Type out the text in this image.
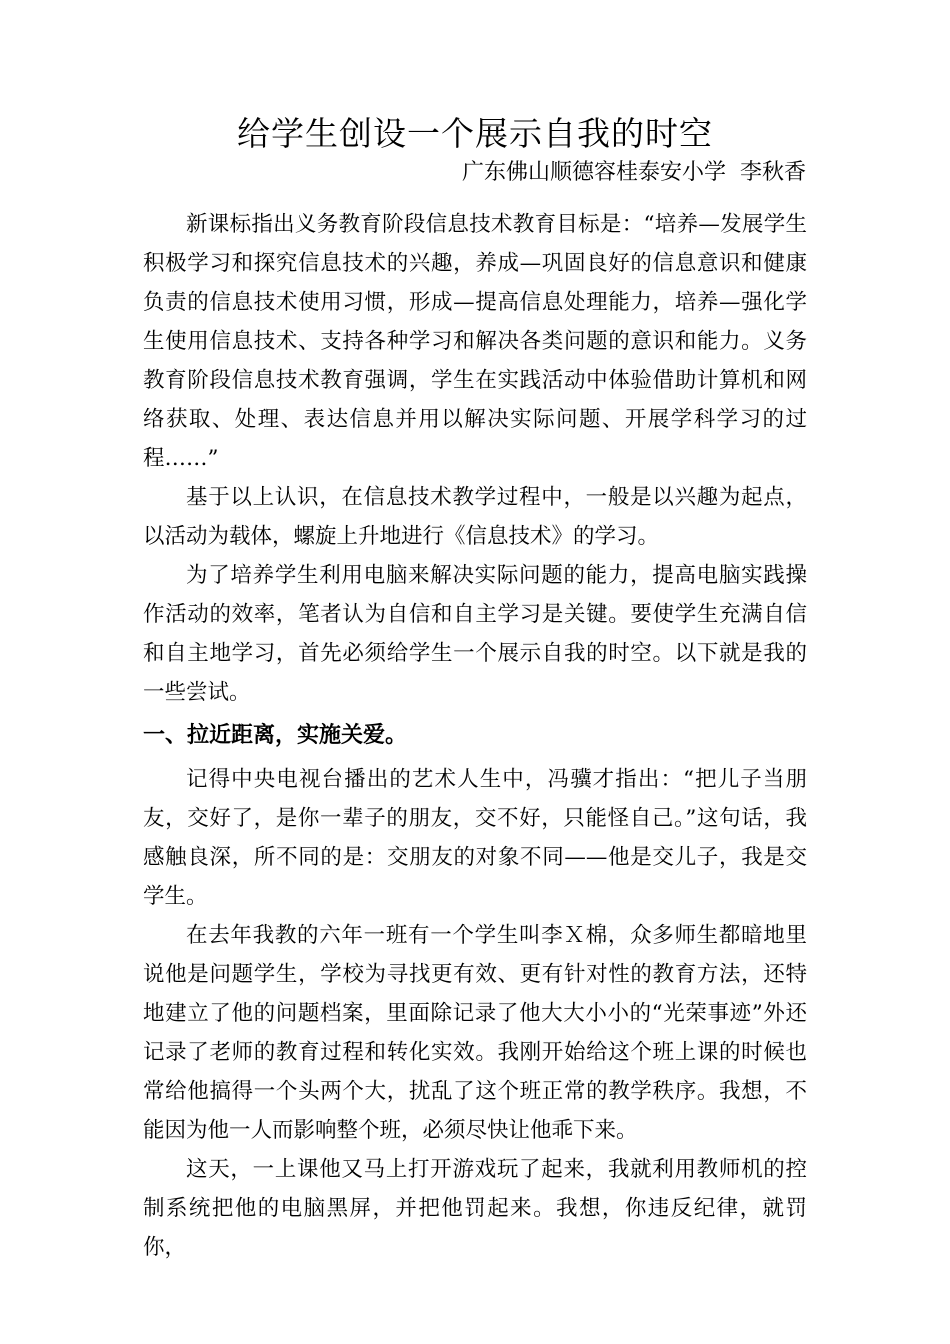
给学生创设一个展示自我的时空
广东佛山顺德容桂泰安小学  李秋香

新课标指出义务教育阶段信息技术教育目标是：“培养—发展学生积极学习和探究信息技术的兴趣，养成—巩固良好的信息意识和健康负责的信息技术使用习惯，形成—提高信息处理能力，培养—强化学生使用信息技术、支持各种学习和解决各类问题的意识和能力。义务教育阶段信息技术教育强调，学生在实践活动中体验借助计算机和网络获取、处理、表达信息并用以解决实际问题、开展学科学习的过程……”

基于以上认识，在信息技术教学过程中，一般是以兴趣为起点，以活动为载体，螺旋上升地进行《信息技术》的学习。

为了培养学生利用电脑来解决实际问题的能力，提高电脑实践操作活动的效率，笔者认为自信和自主学习是关键。要使学生充满自信和自主地学习，首先必须给学生一个展示自我的时空。以下就是我的一些尝试。

一、拉近距离，实施关爱。

记得中央电视台播出的艺术人生中，冯骥才指出：“把儿子当朋友，交好了，是你一辈子的朋友，交不好，只能怪自己。”这句话，我感触良深，所不同的是：交朋友的对象不同——他是交儿子，我是交学生。

在去年我教的六年一班有一个学生叫李Ｘ棉，众多师生都暗地里说他是问题学生，学校为寻找更有效、更有针对性的教育方法，还特地建立了他的问题档案，里面除记录了他大大小小的“光荣事迹”外还记录了老师的教育过程和转化实效。我刚开始给这个班上课的时候也常给他搞得一个头两个大，扰乱了这个班正常的教学秩序。我想，不能因为他一人而影响整个班，必须尽快让他乖下来。

这天，一上课他又马上打开游戏玩了起来，我就利用教师机的控制系统把他的电脑黑屏，并把他罚起来。我想，你违反纪律，就罚你，
